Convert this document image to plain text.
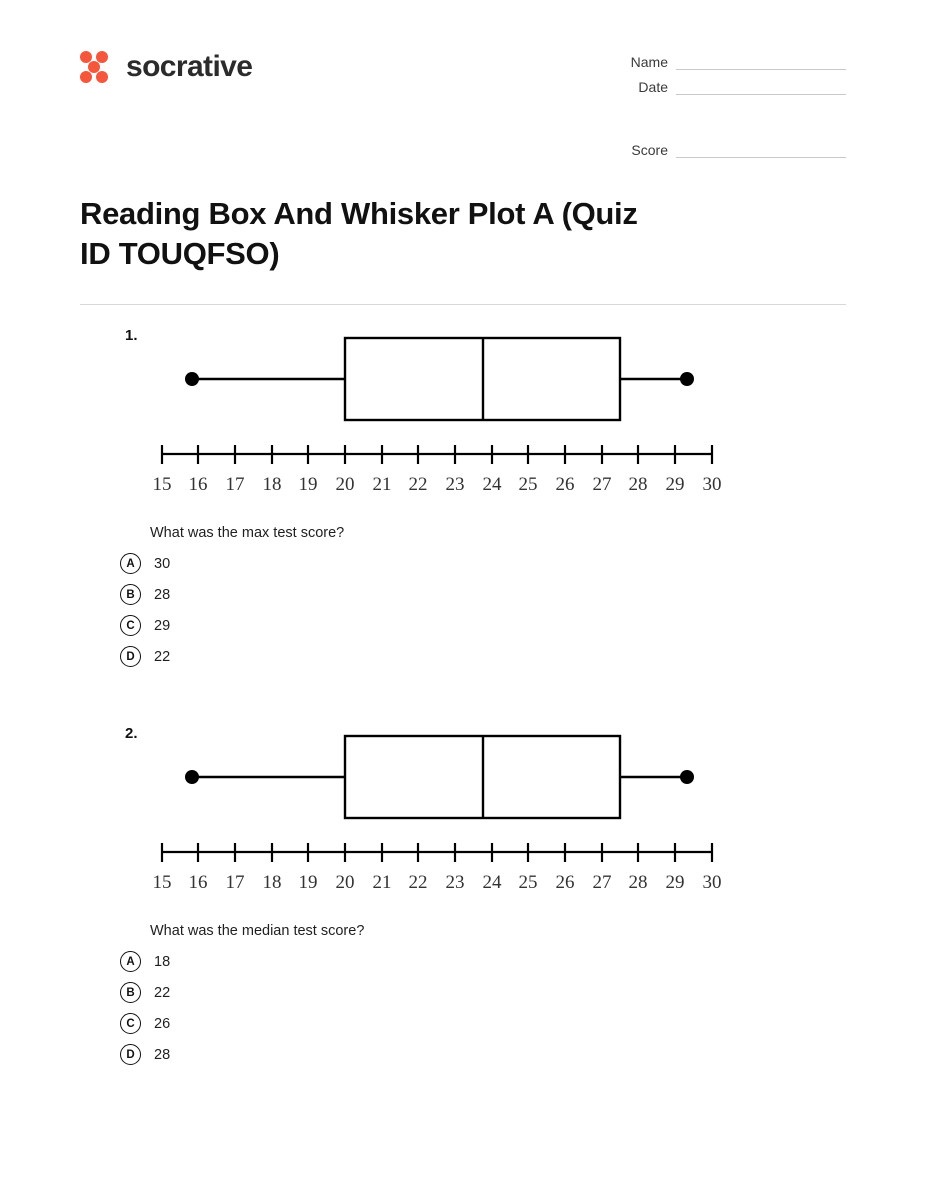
socrative	Name
Date
Score
Reading Box And Whisker Plot A (Quiz ID TOUQFSO)
1.
15 16 17 18 19 20 21 22 23 24 25 26 27 28 29 30
What was the max test score?
A	30
B	28
C	29
D	22
2.
15 16 17 18 19 20 21 22 23 24 25 26 27 28 29 30
What was the median test score?
A	18
B	22
C	26
D	28
